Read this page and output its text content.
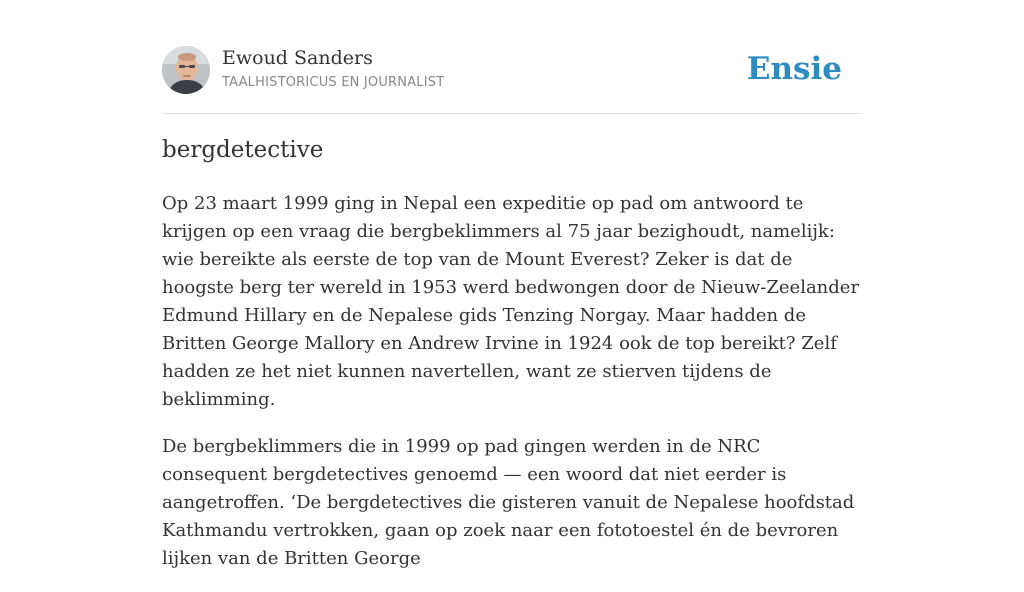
Ewoud Sanders
TAALHISTORICUS EN JOURNALIST	Ensie
bergdetective

Op 23 maart 1999 ging in Nepal een expeditie op pad om antwoord te krijgen op een vraag die bergbeklimmers al 75 jaar bezighoudt, namelijk: wie bereikte als eerste de top van de Mount Everest? Zeker is dat de hoogste berg ter wereld in 1953 werd bedwongen door de Nieuw-Zeelander Edmund Hillary en de Nepalese gids Tenzing Norgay. Maar hadden de Britten George Mallory en Andrew Irvine in 1924 ook de top bereikt? Zelf hadden ze het niet kunnen navertellen, want ze stierven tijdens de beklimming.

De bergbeklimmers die in 1999 op pad gingen werden in de NRC consequent bergdetectives genoemd — een woord dat niet eerder is aangetroffen. ‘De bergdetectives die gisteren vanuit de Nepalese hoofdstad Kathmandu vertrokken, gaan op zoek naar een fototoestel én de bevroren lijken van de Britten George
